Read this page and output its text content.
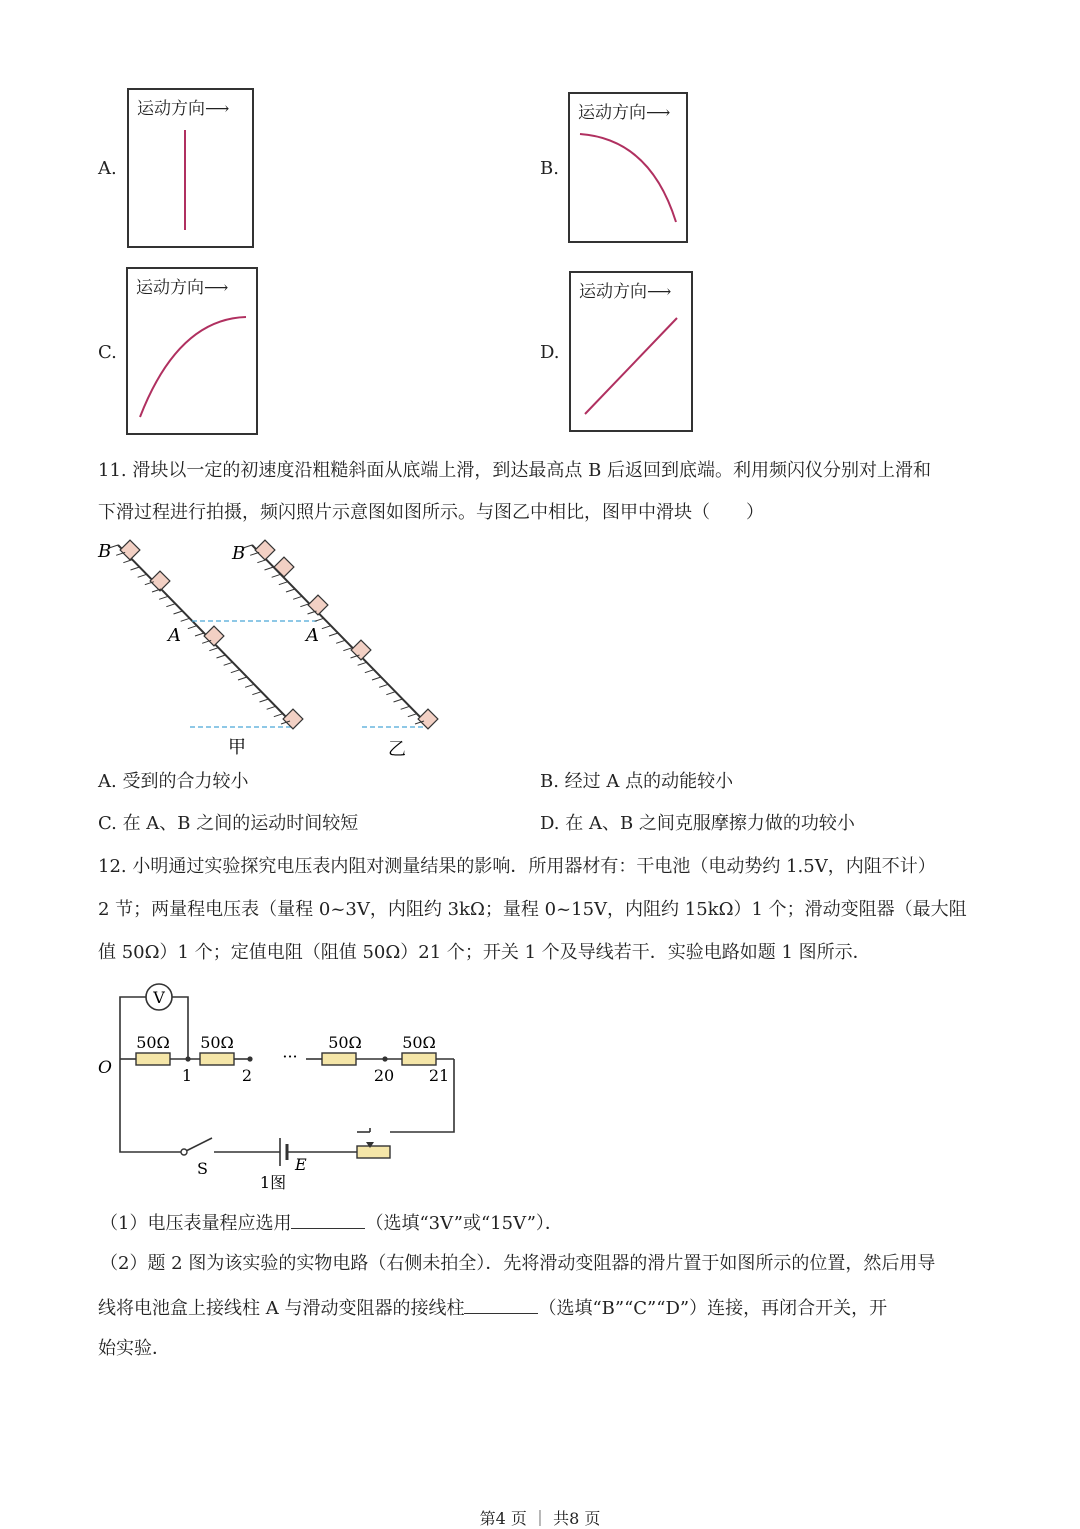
A.
运动方向⟶
B.
运动方向⟶
C.
运动方向⟶
D.
运动方向⟶
11. 滑块以一定的初速度沿粗糙斜面从底端上滑，到达最高点 B 后返回到底端。利用频闪仪分别对上滑和
下滑过程进行拍摄，频闪照片示意图如图所示。与图乙中相比，图甲中滑块（　　）
B
A
甲
B
A
乙
A. 受到的合力较小	B. 经过 A 点的动能较小
C. 在 A、B 之间的运动时间较短	D. 在 A、B 之间克服摩擦力做的功较小
12. 小明通过实验探究电压表内阻对测量结果的影响．所用器材有：干电池（电动势约 1.5V，内阻不计）
2 节；两量程电压表（量程 0~3V，内阻约 3kΩ；量程 0~15V，内阻约 15kΩ）1 个；滑动变阻器（最大阻
值 50Ω）1 个；定值电阻（阻值 50Ω）21 个；开关 1 个及导线若干．实验电路如题 1 图所示．
V
50Ω 50Ω	50Ω	50Ω
···
O	1	2	20 21
S	E
1图
（1）电压表量程应选用	（选填“3V”或“15V”）．
（2）题 2 图为该实验的实物电路（右侧未拍全）．先将滑动变阻器的滑片置于如图所示的位置，然后用导
线将电池盒上接线柱 A 与滑动变阻器的接线柱	（选填“B”“C”“D”）连接，再闭合开关，开
始实验．
第4 页 ｜ 共8 页
